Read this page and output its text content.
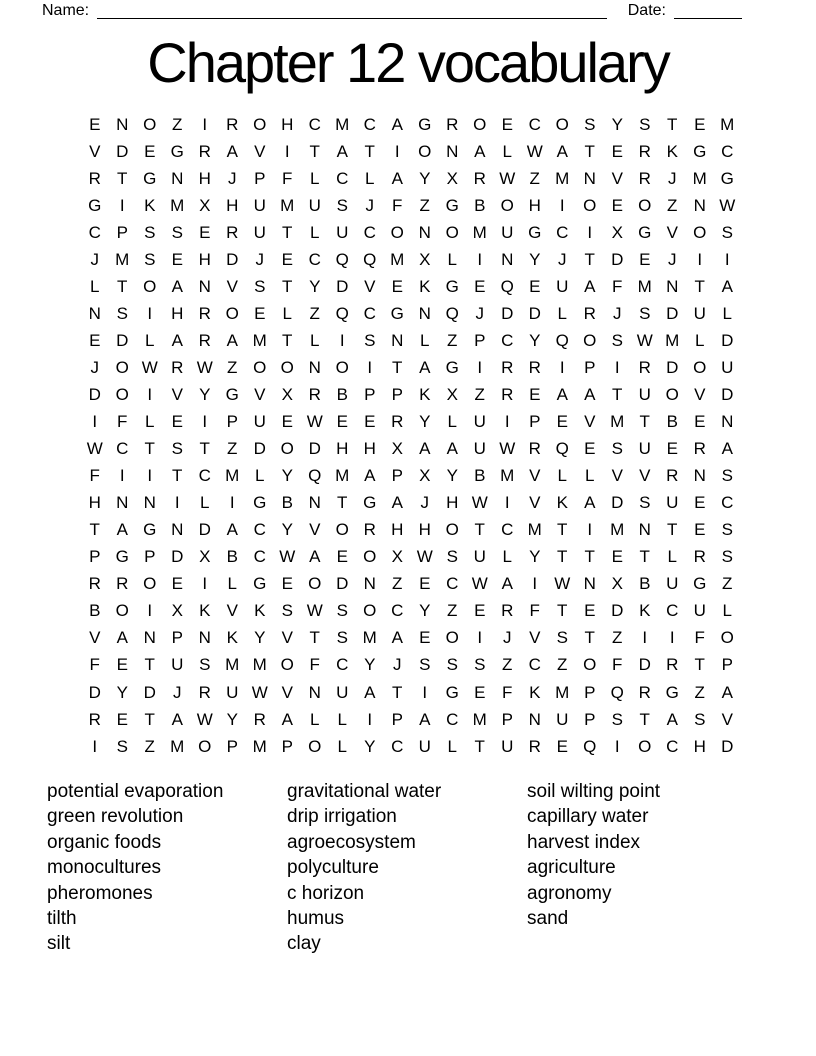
Name:	Date:
Chapter 12 vocabulary
E N O Z	I	R O H C M C A G R O E C O S Y S T E M
V D E G R A V	I	T A T	I	O N A	L W A T E R K G C
R T G N H	J	P F	L C L	A Y X R W Z M N V R	J M G
G	I	K M X H U M U S	J	F	Z G B O H	I	O E O Z N W
C P S S E R U T	L U C O N O M U G C	I	X G V O S
J M S E H D	J	E C Q Q M X	L	I	N Y	J	T D E	J	I	I
L	T O A N V S T Y D V E K G E Q E U A F M N T A
N S	I	H R O E	L	Z Q C G N Q J	D D L R	J	S D U L
E D L	A R A M T	L	I	S N L	Z P C Y Q O S W M L D
J O W R W Z O O N O	I	T A G	I	R R	I	P	I	R D O U
D O	I	V Y G V X R B P P K X Z R E A A T U O V D
I	F	L	E	I	P U E W E E R Y	L U	I	P E V M T B E N
W C T S T	Z D O D H H X A A U W R Q E S U E R A
F	I	I	T C M L	Y Q M A P X Y B M V	L	L	V V R N S
H N N	I	L	I	G B N T G A	J	H W	I	V K A D S U E C
T A G N D A C Y V O R H H O T C M T	I	M N T E S
P G P D X B C W A E O X W S U L	Y T	T E T	L R S
R R O E	I	L G E O D N Z E C W A	I	W N X B U G Z
B O	I	X K V K S W S O C Y Z E R F	T E D K C U L
V A N P N K Y V T S M A E O	I	J	V S T	Z	I	I	F O
F E T U S M M O F C Y	J	S S S Z C Z O F D R T P
D Y D	J	R U W V N U A T	I	G E F K M P Q R G Z A
R E T A W Y R A	L	L	I	P A C M P N U P S T A S V
I	S Z M O P M P O L	Y C U L	T U R E Q	I	O C H D
potential evaporation
green revolution
organic foods
monocultures
pheromones
tilth
silt
gravitational water
drip irrigation
agroecosystem
polyculture
c horizon
humus
clay
soil wilting point
capillary water
harvest index
agriculture
agronomy
sand
